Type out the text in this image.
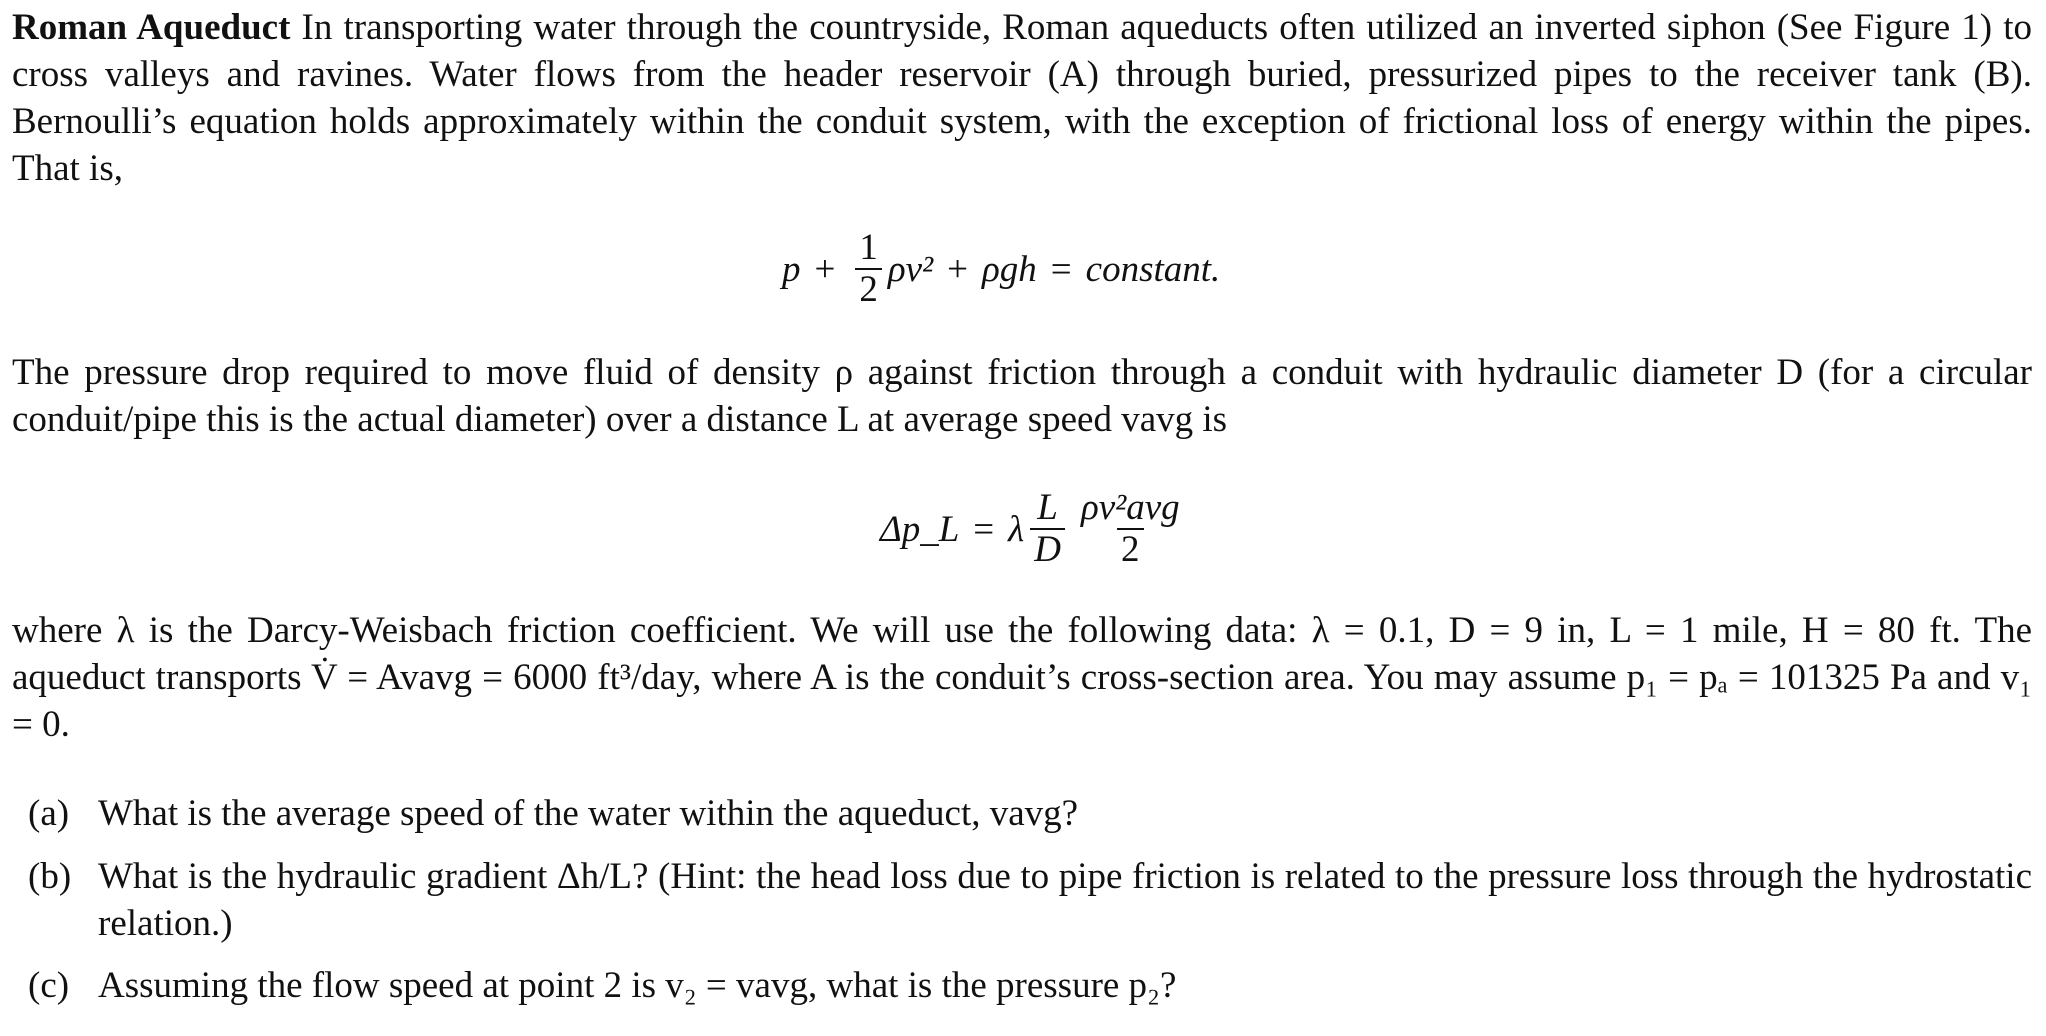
Roman Aqueduct In transporting water through the countryside, Roman aqueducts often utilized an inverted siphon (See Figure 1) to cross valleys and ravines. Water flows from the header reservoir (A) through buried, pressurized pipes to the receiver tank (B). Bernoulli’s equation holds approximately within the conduit system, with the exception of frictional loss of energy within the pipes. That is,
$p + \frac{1}{2} \rho v^2 + \rho gh$ = constant.
The pressure drop required to move fluid of density ρ against friction through a conduit with hydraulic diameter D (for a circular conduit/pipe this is the actual diameter) over a distance L at average speed vavg is
Δp_L = λ $\frac{L}{D} \frac{\text{ρv²avg}}{2}$
where λ is the Darcy-Weisbach friction coefficient. We will use the following data: λ = 0.1, D = 9 in, L = 1 mile, H = 80 ft. The aqueduct transports V̇ = Avavg = 6000 ft³/day, where A is the conduit’s cross-section area. You may assume p₁ = pₐ = 101325 Pa and v₁ = 0.
(a) What is the average speed of the water within the aqueduct, vavg?
(b) What is the hydraulic gradient Δh/L? (Hint: the head loss due to pipe friction is related to the pressure loss through the hydrostatic relation.)
(c) Assuming the flow speed at point 2 is v₂ = vavg, what is the pressure p₂?
